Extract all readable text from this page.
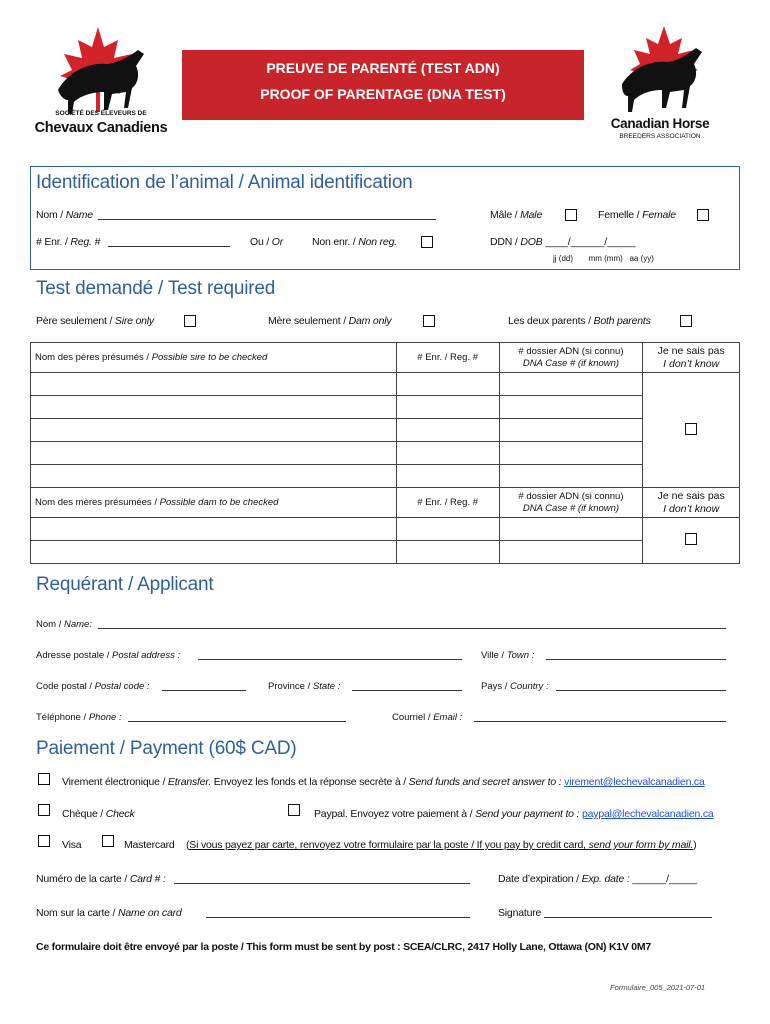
SOCIÉTÉ DES ÉLEVEURS DE
Chevaux Canadiens
PREUVE DE PARENTÉ (TEST ADN)
PROOF OF PARENTAGE (DNA TEST)
Canadian Horse
BREEDERS ASSOCIATION
Identification de l’animal / Animal identification
Nom / Name	Mâle / Male	Femelle / Female
# Enr. / Reg. #	Ou / Or	Non enr. / Non reg.	DDN / DOB ____/______/_____
jj (dd)       mm (mm)   aa (yy)
Test demandé / Test required
Père seulement / Sire only	Mère seulement / Dam only	Les deux parents / Both parents
Nom des pères présumés / Possible sire to be checked	# Enr. / Reg. #	# dossier ADN (si connu)
DNA Case # (if known)	Je ne sais pas
I don’t know

Nom des mères présumées / Possible dam to be checked	# Enr. / Reg. #	# dossier ADN (si connu)
DNA Case # (if known)	Je ne sais pas
I don’t know

Requérant / Applicant
Nom / Name:
Adresse postale / Postal address :	Ville / Town :
Code postal / Postal code :	Province / State :	Pays / Country :
Téléphone / Phone :	Courriel / Email :
Paiement / Payment (60$ CAD)
Virement électronique / Etransfer. Envoyez les fonds et la réponse secrète à / Send funds and secret answer to : virement@lechevalcanadien.ca
Chèque / Check	Paypal. Envoyez votre paiement à / Send your payment to : paypal@lechevalcanadien.ca
Visa	Mastercard (Si vous payez par carte, renvoyez votre formulaire par la poste / If you pay by credit card, send your form by mail.)
Numéro de la carte / Card # :	Date d’expiration / Exp. date : ______/_____
Nom sur la carte / Name on card	Signature
Ce formulaire doit être envoyé par la poste / This form must be sent by post : SCEA/CLRC, 2417 Holly Lane, Ottawa (ON) K1V 0M7
Formulaire_005_2021-07-01
